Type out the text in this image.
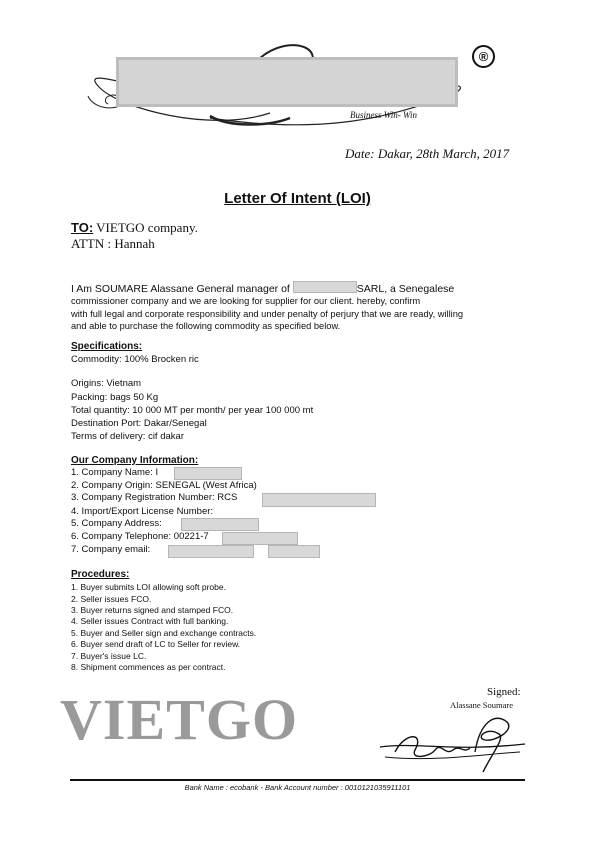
®
Business Win- Win
Date: Dakar, 28th March, 2017
Letter Of Intent (LOI)
TO: VIETGO company.
ATTN : Hannah
I Am SOUMARE Alassane General manager of	SARL, a Senegalese
commissioner company and we are looking for supplier for our client. hereby, confirm
with full legal and corporate responsibility and under penalty of perjury that we are ready, willing
and able to purchase the following commodity as specified below.
Specifications:
Commodity: 100% Brocken ric
Origins: Vietnam
Packing: bags 50 Kg
Total quantity: 10 000 MT per month/ per year 100 000 mt
Destination Port: Dakar/Senegal
Terms of delivery: cif dakar
Our Company Information:
1. Company Name: I
2. Company Origin: SENEGAL (West Africa)
3. Company Registration Number: RCS
4. Import/Export License Number:
5. Company Address:
6. Company Telephone: 00221-7
7. Company email:
Procedures:
1. Buyer submits LOI allowing soft probe.
2. Seller issues FCO.
3. Buyer returns signed and stamped FCO.
4. Seller issues Contract with full banking.
5. Buyer and Seller sign and exchange contracts.
6. Buyer send draft of LC to Seller for review.
7. Buyer's issue LC.
8. Shipment commences as per contract.
VIETGO	Signed:
Alassane Soumare
Bank Name : ecobank - Bank Account number : 0010121035911101
